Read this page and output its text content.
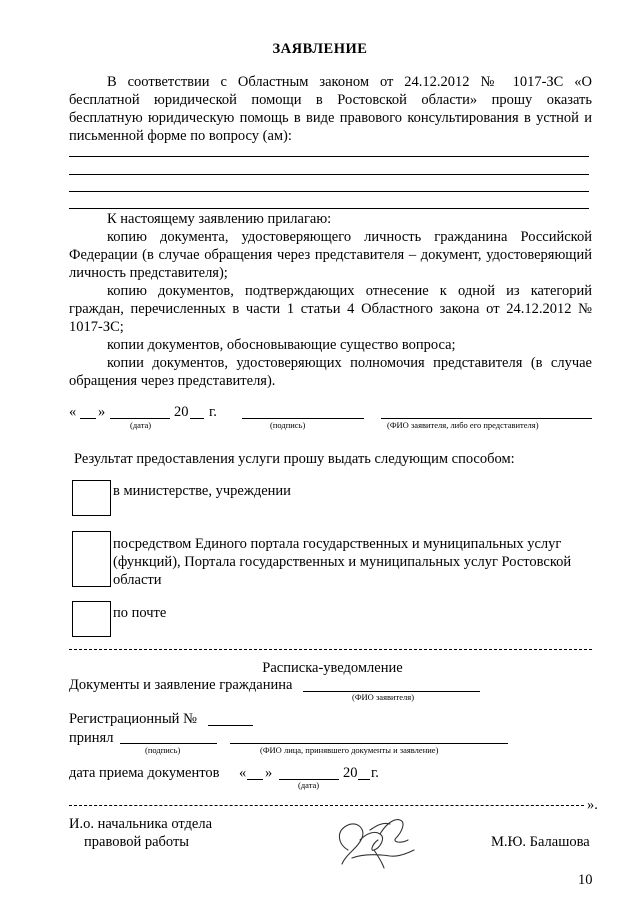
ЗАЯВЛЕНИЕ

В соответствии с Областным законом от 24.12.2012 № 1017-ЗС «О бесплатной юридической помощи в Ростовской области» прошу оказать бесплатную юридическую помощь в виде правового консультирования в устной и письменной форме по вопросу (ам):

К настоящему заявлению прилагаю:

копию документа, удостоверяющего личность гражданина Российской Федерации (в случае обращения через представителя – документ, удостоверяющий личность представителя);

копию документов, подтверждающих отнесение к одной из категорий граждан, перечисленных в части 1 статьи 4 Областного закона от 24.12.2012 № 1017-ЗС;

копии документов, обосновывающие существо вопроса;

копии документов, удостоверяющих полномочия представителя (в случае обращения через представителя).

« »	20 г.
(дата)	(подпись)	(ФИО заявителя, либо его представителя)
Результат предоставления услуги прошу выдать следующим способом:
в министерстве, учреждении
посредством Единого портала государственных и муниципальных услуг (функций), Портала государственных и муниципальных услуг Ростовской области
по почте
Расписка-уведомление
Документы и заявление гражданина
(ФИО заявителя)
Регистрационный №
принял
(подпись)	(ФИО лица, принявшего документы и заявление)
дата приема документов « »	20 г.
(дата)
».
И.о. начальника отдела
правовой работы	М.Ю. Балашова
10
